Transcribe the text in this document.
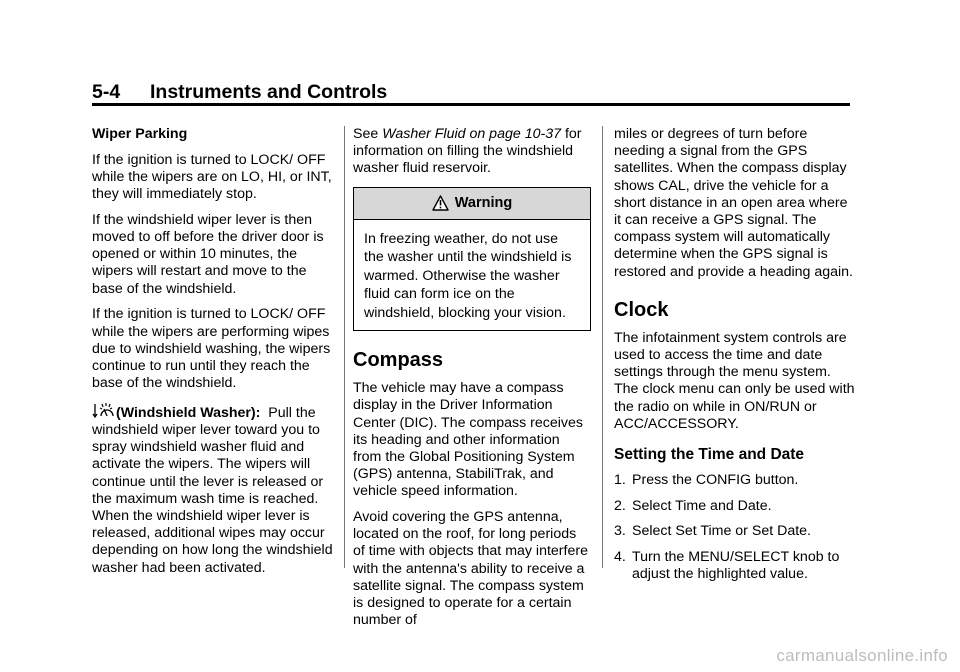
5-4 Instruments and Controls

Wiper Parking

If the ignition is turned to LOCK/ OFF while the wipers are on LO, HI, or INT, they will immediately stop.

If the windshield wiper lever is then moved to off before the driver door is opened or within 10 minutes, the wipers will restart and move to the base of the windshield.

If the ignition is turned to LOCK/ OFF while the wipers are performing wipes due to windshield washing, the wipers continue to run until they reach the base of the windshield.

(Windshield Washer): Pull the windshield wiper lever toward you to spray windshield washer fluid and activate the wipers. The wipers will continue until the lever is released or the maximum wash time is reached. When the windshield wiper lever is released, additional wipes may occur depending on how long the windshield washer had been activated.

See Washer Fluid on page 10-37 for information on filling the windshield washer fluid reservoir.

Warning
In freezing weather, do not use the washer until the windshield is warmed. Otherwise the washer fluid can form ice on the windshield, blocking your vision.
Compass

The vehicle may have a compass display in the Driver Information Center (DIC). The compass receives its heading and other information from the Global Positioning System (GPS) antenna, StabiliTrak, and vehicle speed information.

Avoid covering the GPS antenna, located on the roof, for long periods of time with objects that may interfere with the antenna's ability to receive a satellite signal. The compass system is designed to operate for a certain number of

miles or degrees of turn before needing a signal from the GPS satellites. When the compass display shows CAL, drive the vehicle for a short distance in an open area where it can receive a GPS signal. The compass system will automatically determine when the GPS signal is restored and provide a heading again.

Clock

The infotainment system controls are used to access the time and date settings through the menu system. The clock menu can only be used with the radio on while in ON/RUN or ACC/ACCESSORY.

Setting the Time and Date
1. Press the CONFIG button.
2. Select Time and Date.
3. Select Set Time or Set Date.
4. Turn the MENU/SELECT knob to adjust the highlighted value.
carmanualsonline.info
